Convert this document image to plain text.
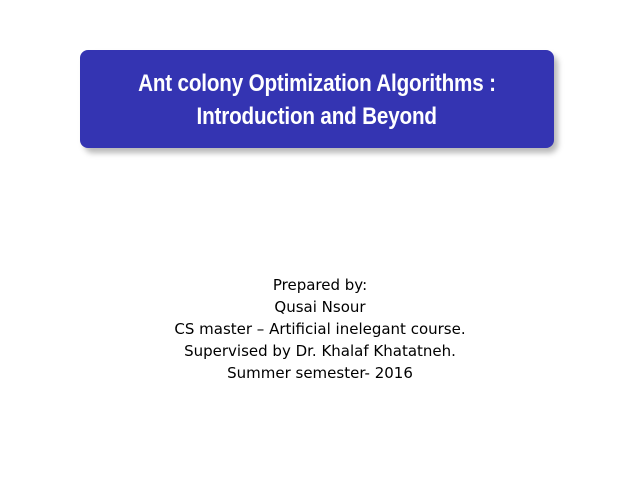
Ant colony Optimization Algorithms :
Introduction and Beyond
Prepared by:
Qusai Nsour
CS master – Artificial inelegant course.
Supervised by Dr. Khalaf Khatatneh.
Summer semester- 2016
